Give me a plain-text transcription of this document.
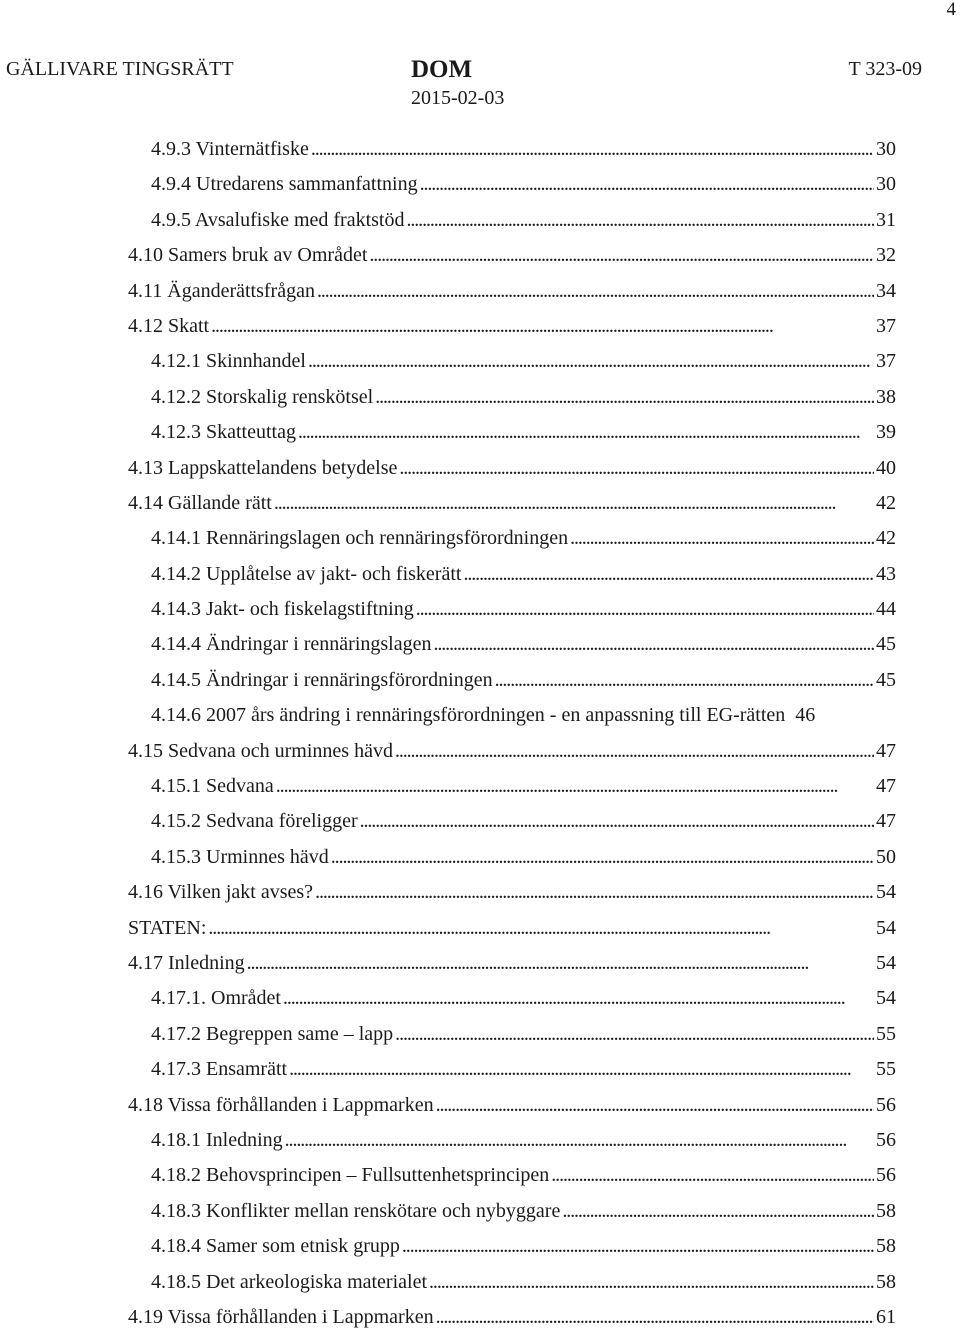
4
GÄLLIVARE TINGSRÄTT	DOM
2015-02-03
T 323-09
4.9.3 Vinternätfiske . . .	30
4.9.4 Utredarens sammanfattning . . .	30
4.9.5 Avsalufiske med fraktstöd . . .	31
4.10 Samers bruk av Området . . .	32
4.11 Äganderättsfrågan . . .	34
4.12 Skatt . . .	37
4.12.1 Skinnhandel . . .	37
4.12.2 Storskalig renskötsel . . .	38
4.12.3 Skatteuttag . . .	39
4.13 Lappskattelandens betydelse . . .	40
4.14 Gällande rätt . . .	42
4.14.1 Rennäringslagen och rennäringsförordningen . . .	42
4.14.2 Upplåtelse av jakt- och fiskerätt . . .	43
4.14.3 Jakt- och fiskelagstiftning . . .	44
4.14.4 Ändringar i rennäringslagen . . .	45
4.14.5 Ändringar i rennäringsförordningen . . .	45
4.14.6 2007 års ändring i rennäringsförordningen - en anpassning till EG-rätten 46
4.15 Sedvana och urminnes hävd . . .	47
4.15.1 Sedvana . . .	47
4.15.2 Sedvana föreligger . . .	47
4.15.3 Urminnes hävd . . .	50
4.16 Vilken jakt avses? . . .	54
STATEN: . . .	54
4.17 Inledning . . .	54
4.17.1. Området . . .	54
4.17.2 Begreppen same – lapp . . .	55
4.17.3 Ensamrätt . . .	55
4.18 Vissa förhållanden i Lappmarken . . .	56
4.18.1 Inledning . . .	56
4.18.2 Behovsprincipen – Fullsuttenhetsprincipen . . .	56
4.18.3 Konflikter mellan renskötare och nybyggare . . .	58
4.18.4 Samer som etnisk grupp . . .	58
4.18.5 Det arkeologiska materialet . . .	58
4.19 Vissa förhållanden i Lappmarken . . .	61
